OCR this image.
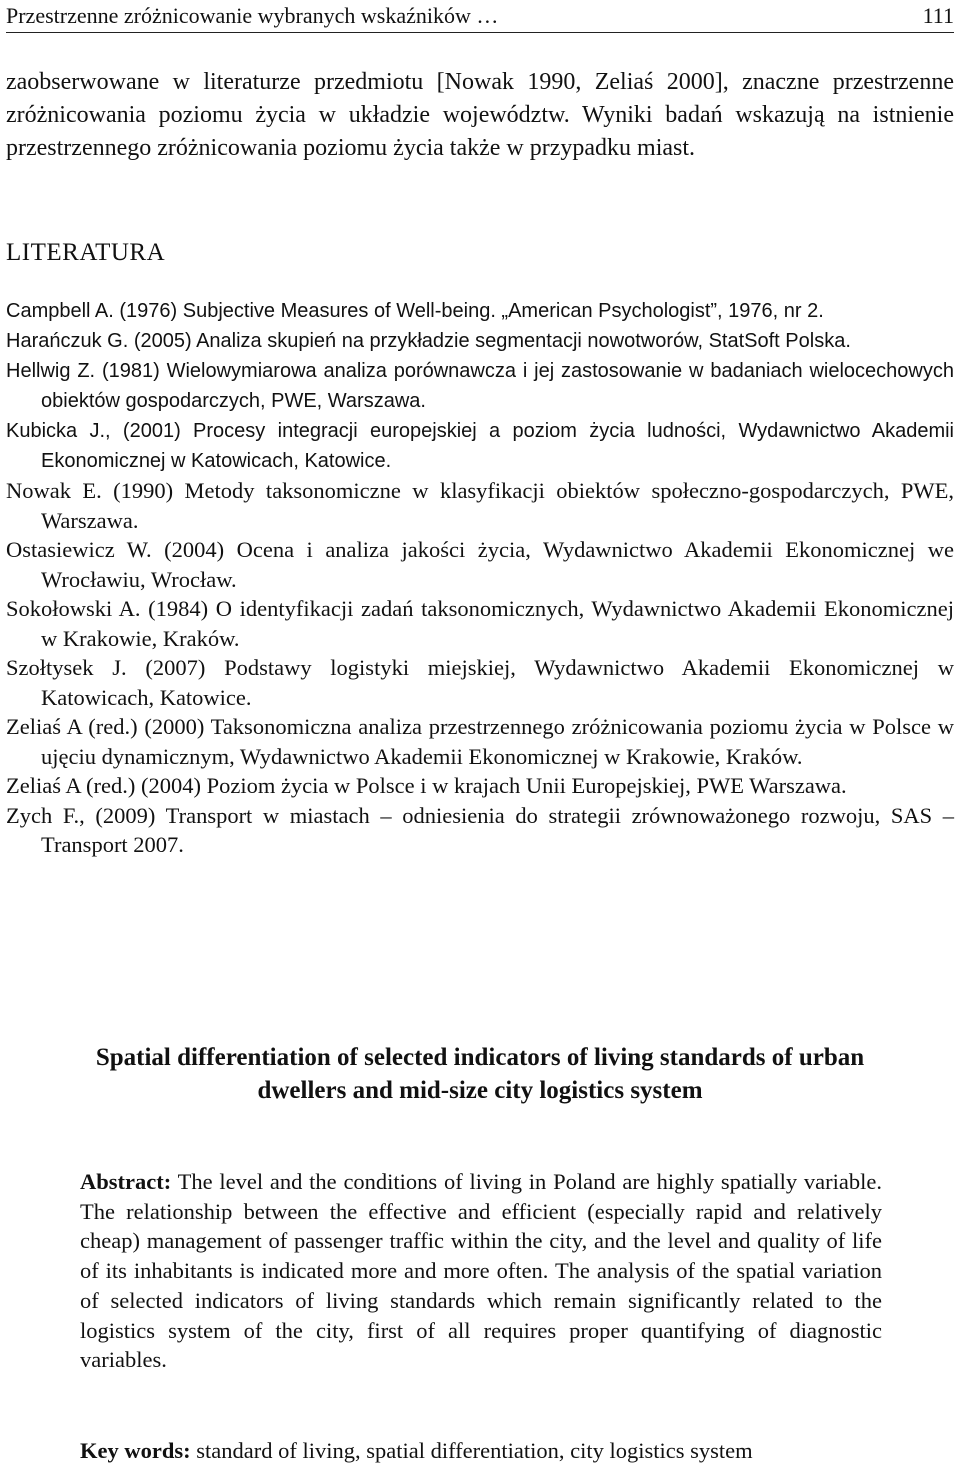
Przestrzenne zróżnicowanie wybranych wskaźników …	111

zaobserwowane w literaturze przedmiotu [Nowak 1990, Zeliaś 2000], znaczne przestrzenne zróżnicowania poziomu życia w układzie województw. Wyniki badań wskazują na istnienie przestrzennego zróżnicowania poziomu życia także w przypadku miast.

LITERATURA
Campbell A. (1976) Subjective Measures of Well-being. „American Psychologist”, 1976, nr 2.
Harańczuk G. (2005) Analiza skupień na przykładzie segmentacji nowotworów, StatSoft Polska.
Hellwig Z. (1981) Wielowymiarowa analiza porównawcza i jej zastosowanie w badaniach wielocechowych obiektów gospodarczych, PWE, Warszawa.
Kubicka J., (2001) Procesy integracji europejskiej a poziom życia ludności, Wydawnictwo Akademii Ekonomicznej w Katowicach, Katowice.
Nowak E. (1990) Metody taksonomiczne w klasyfikacji obiektów społeczno-gospodarczych, PWE, Warszawa.
Ostasiewicz W. (2004) Ocena i analiza jakości życia, Wydawnictwo Akademii Ekonomicznej we Wrocławiu, Wrocław.
Sokołowski A. (1984) O identyfikacji zadań taksonomicznych, Wydawnictwo Akademii Ekonomicznej w Krakowie, Kraków.
Szołtysek J. (2007) Podstawy logistyki miejskiej, Wydawnictwo Akademii Ekonomicznej w Katowicach, Katowice.
Zeliaś A (red.) (2000) Taksonomiczna analiza przestrzennego zróżnicowania poziomu życia w Polsce w ujęciu dynamicznym, Wydawnictwo Akademii Ekonomicznej w Krakowie, Kraków.
Zeliaś A (red.) (2004) Poziom życia w Polsce i w krajach Unii Europejskiej, PWE Warszawa.
Zych F., (2009) Transport w miastach – odniesienia do strategii zrównoważonego rozwoju, SAS – Transport 2007.
Spatial differentiation of selected indicators of living standards of urban dwellers and mid-size city logistics system

Abstract: The level and the conditions of living in Poland are highly spatially variable. The relationship between the effective and efficient (especially rapid and relatively cheap) management of passenger traffic within the city, and the level and quality of life of its inhabitants is indicated more and more often. The analysis of the spatial variation of selected indicators of living standards which remain significantly related to the logistics system of the city, first of all requires proper quantifying of diagnostic variables.

Key words: standard of living, spatial differentiation, city logistics system
